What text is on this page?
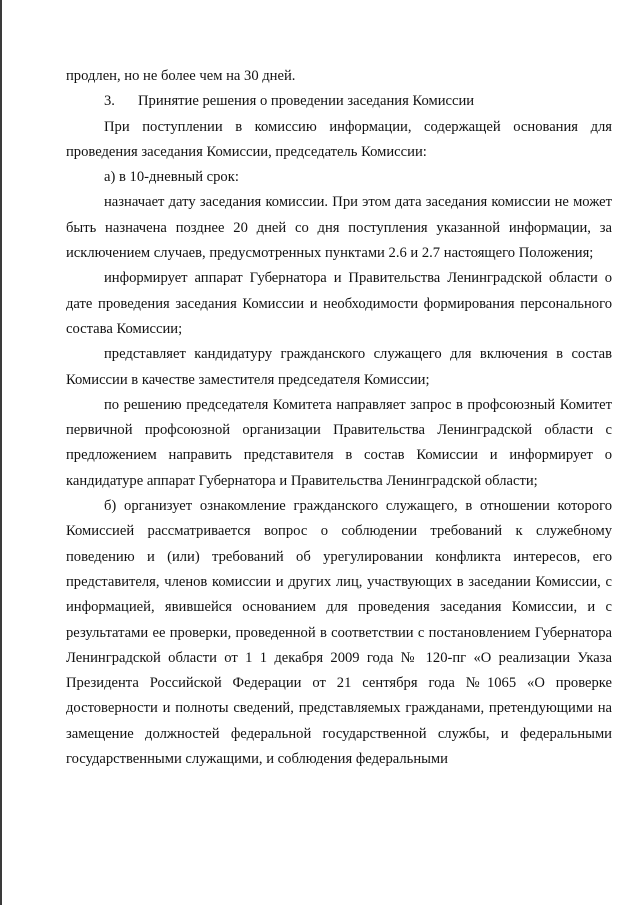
продлен, но не более чем на 30 дней.

3. Принятие решения о проведении заседания Комиссии

При поступлении в комиссию информации, содержащей основания для проведения заседания Комиссии, председатель Комиссии:

а) в 10-дневный срок:

назначает дату заседания комиссии. При этом дата заседания комиссии не может быть назначена позднее 20 дней со дня поступления указанной информации, за исключением случаев, предусмотренных пунктами 2.6 и 2.7 настоящего Положения;

информирует аппарат Губернатора и Правительства Ленинградской области о дате проведения заседания Комиссии и необходимости формирования персонального состава Комиссии;

представляет кандидатуру гражданского служащего для включения в состав Комиссии в качестве заместителя председателя Комиссии;

по решению председателя Комитета направляет запрос в профсоюзный Комитет первичной профсоюзной организации Правительства Ленинградской области с предложением направить представителя в состав Комиссии и информирует о кандидатуре аппарат Губернатора и Правительства Ленинградской области;

б) организует ознакомление гражданского служащего, в отношении которого Комиссией рассматривается вопрос о соблюдении требований к служебному поведению и (или) требований об урегулировании конфликта интересов, его представителя, членов комиссии и других лиц, участвующих в заседании Комиссии, с информацией, явившейся основанием для проведения заседания Комиссии, и с результатами ее проверки, проведенной в соответствии с постановлением Губернатора Ленинградской области от 1 1 декабря 2009 года № 120-пг «О реализации Указа Президента Российской Федерации от 21 сентября года №1065 «О проверке достоверности и полноты сведений, представляемых гражданами, претендующими на замещение должностей федеральной государственной службы, и федеральными государственными служащими, и соблюдения федеральными
